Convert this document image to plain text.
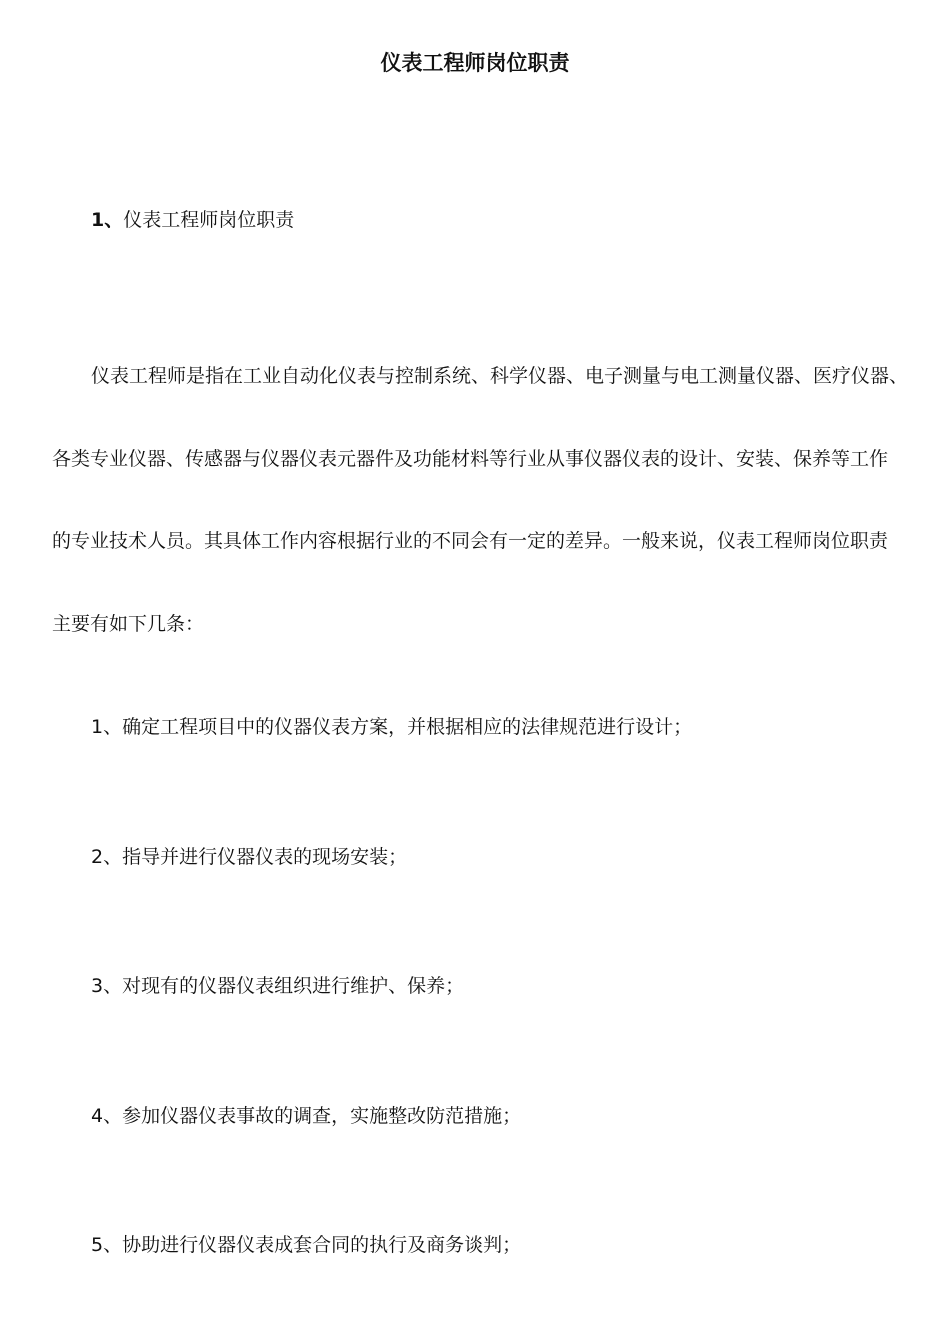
仪表工程师岗位职责

1、仪表工程师岗位职责

仪表工程师是指在工业自动化仪表与控制系统、科学仪器、电子测量与电工测量仪器、医疗仪器、
各类专业仪器、传感器与仪器仪表元器件及功能材料等行业从事仪器仪表的设计、安装、保养等工作
的专业技术人员。其具体工作内容根据行业的不同会有一定的差异。一般来说，仪表工程师岗位职责
主要有如下几条：

1、确定工程项目中的仪器仪表方案，并根据相应的法律规范进行设计；

2、指导并进行仪器仪表的现场安装；

3、对现有的仪器仪表组织进行维护、保养；

4、参加仪器仪表事故的调查，实施整改防范措施；

5、协助进行仪器仪表成套合同的执行及商务谈判；
